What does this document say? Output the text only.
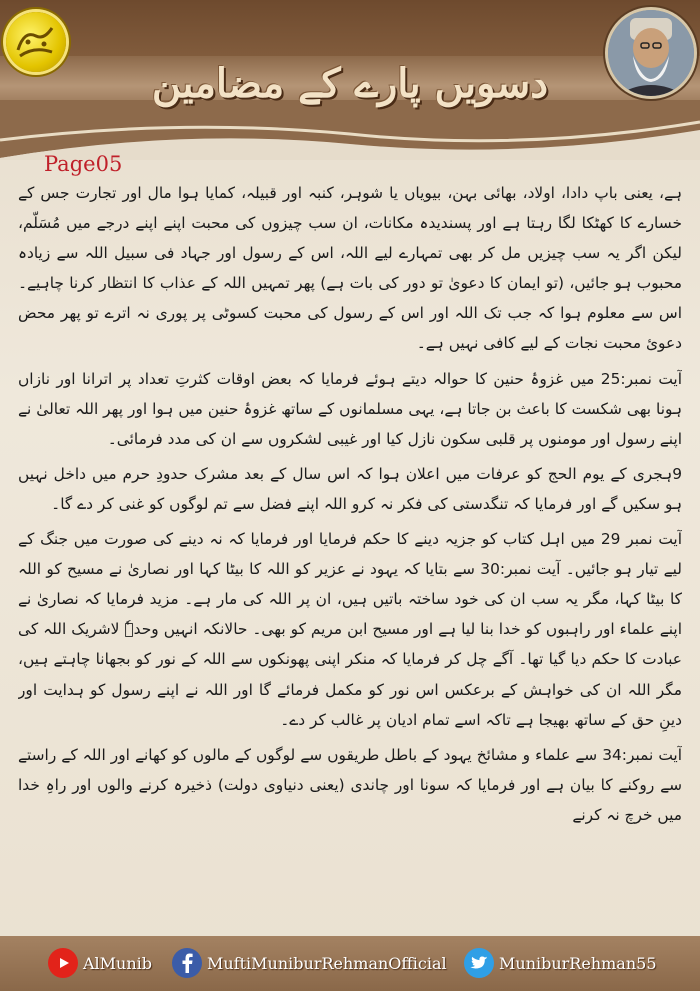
دسویں پارے کے مضامین
Page05

ہے، یعنی باپ دادا، اولاد، بھائی بہن، بیویاں یا شوہر، کنبہ اور قبیلہ، کمایا ہوا مال اور تجارت جس کے خسارے کا کھٹکا لگا رہتا ہے اور پسندیدہ مکانات، ان سب چیزوں کی محبت اپنے اپنے درجے میں مُسَلّم، لیکن اگر یہ سب چیزیں مل کر بھی تمہارے لیے اللہ، اس کے رسول اور جہاد فی سبیل اللہ سے زیادہ محبوب ہو جائیں، (تو ایمان کا دعویٰ تو دور کی بات ہے) پھر تمہیں اللہ کے عذاب کا انتظار کرنا چاہیے۔ اس سے معلوم ہوا کہ جب تک اللہ اور اس کے رسول کی محبت کسوٹی پر پوری نہ اترے تو پھر محض دعویٔ محبت نجات کے لیے کافی نہیں ہے۔

آیت نمبر:25 میں غزوۂ حنین کا حوالہ دیتے ہوئے فرمایا کہ بعض اوقات کثرتِ تعداد پر اترانا اور نازاں ہونا بھی شکست کا باعث بن جاتا ہے، یہی مسلمانوں کے ساتھ غزوۂ حنین میں ہوا اور پھر اللہ تعالیٰ نے اپنے رسول اور مومنوں پر قلبی سکون نازل کیا اور غیبی لشکروں سے ان کی مدد فرمائی۔

9ہجری کے یوم الحج کو عرفات میں اعلان ہوا کہ اس سال کے بعد مشرک حدودِ حرم میں داخل نہیں ہو سکیں گے اور فرمایا کہ تنگدستی کی فکر نہ کرو اللہ اپنے فضل سے تم لوگوں کو غنی کر دے گا۔

آیت نمبر 29 میں اہل کتاب کو جزیہ دینے کا حکم فرمایا اور فرمایا کہ نہ دینے کی صورت میں جنگ کے لیے تیار ہو جائیں۔ آیت نمبر:30 سے بتایا کہ یہود نے عزیر کو اللہ کا بیٹا کہا اور نصاریٰ نے مسیح کو اللہ کا بیٹا کہا، مگر یہ سب ان کی خود ساختہ باتیں ہیں، ان پر اللہ کی مار ہے۔ مزید فرمایا کہ نصاریٰ نے اپنے علماء اور راہبوں کو خدا بنا لیا ہے اور مسیح ابن مریم کو بھی۔ حالانکہ انہیں وحدہٗ لاشریک اللہ کی عبادت کا حکم دیا گیا تھا۔ آگے چل کر فرمایا کہ منکر اپنی پھونکوں سے اللہ کے نور کو بجھانا چاہتے ہیں، مگر اللہ ان کی خواہش کے برعکس اس نور کو مکمل فرمائے گا اور اللہ نے اپنے رسول کو ہدایت اور دینِ حق کے ساتھ بھیجا ہے تاکہ اسے تمام ادیان پر غالب کر دے۔

آیت نمبر:34 سے علماء و مشائخ یہود کے باطل طریقوں سے لوگوں کے مالوں کو کھانے اور اللہ کے راستے سے روکنے کا بیان ہے اور فرمایا کہ سونا اور چاندی (یعنی دنیاوی دولت) ذخیرہ کرنے والوں اور راہِ خدا میں خرچ نہ کرنے

AlMunib	MuftiMuniburRehmanOfficial	MuniburRehman55
